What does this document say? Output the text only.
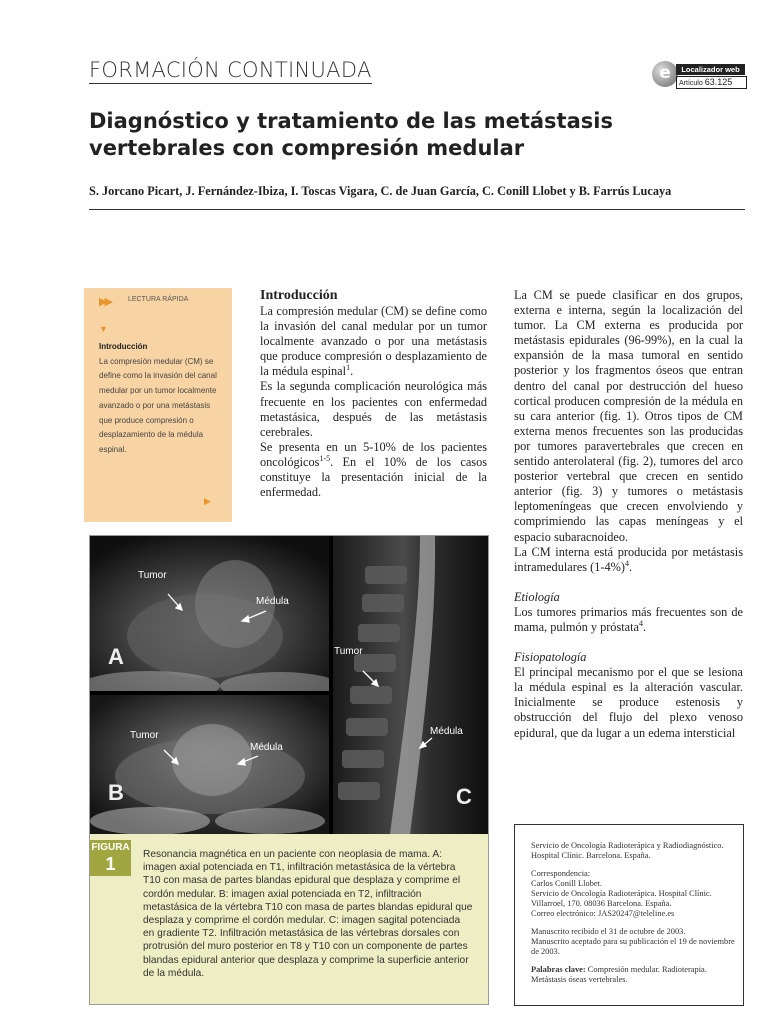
FORMACIÓN CONTINUADA	e	Localizador web
Artículo 63.125
Diagnóstico y tratamiento de las metástasis
vertebrales con compresión medular
S. Jorcano Picart, J. Fernández-Ibiza, I. Toscas Vigara, C. de Juan García, C. Conill Llobet y B. Farrús Lucaya
▶▶	LECTURA RÁPIDA
▼
Introducción
La compresión medular (CM) se define como la invasión del canal medular por un tumor localmente avanzado o por una metástasis que produce compresión o desplazamiento de la médula espinal.
▶

Introducción

La compresión medular (CM) se define como la invasión del canal medular por un tumor localmente avanzado o por una metástasis que produce compresión o desplazamiento de la médula espinal$^1$.

Es la segunda complicación neurológica más frecuente en los pacientes con enfermedad metastásica, después de las metástasis cerebrales.

Se presenta en un 5-10% de los pacientes oncológicos$^{1-5}$. En el 10% de los casos constituye la presentación inicial de la enfermedad.

La CM se puede clasificar en dos grupos, externa e interna, según la localización del tumor. La CM externa es producida por metástasis epidurales (96-99%), en la cual la expansión de la masa tumoral en sentido posterior y los fragmentos óseos que entran dentro del canal por destrucción del hueso cortical producen compresión de la médula en su cara anterior (fig. 1). Otros tipos de CM externa menos frecuentes son las producidas por tumores paravertebrales que crecen en sentido anterolateral (fig. 2), tumores del arco posterior vertebral que crecen en sentido anterior (fig. 3) y tumores o metástasis leptomeníngeas que crecen envolviendo y comprimiendo las capas meníngeas y el espacio subaracnoideo.

La CM interna está producida por metástasis intramedulares $(1-4\%)^4$.

Etiología

Los tumores primarios más frecuentes son de mama, pulmón y próstata$^4$.

Fisiopatología

El principal mecanismo por el que se lesiona la médula espinal es la alteración vascular. Inicialmente se produce estenosis y obstrucción del flujo del plexo venoso epidural, que da lugar a un edema intersticial

Tumor
Médula
Tumor
Médula
Tumor
Médula
A
B	C
FIGURA
1	Resonancia magnética en un paciente con neoplasia de mama. A: imagen axial potenciada en T1, infiltración metastásica de la vértebra T10 con masa de partes blandas epidural que desplaza y comprime el cordón medular. B: imagen axial potenciada en T2, infiltración metastásica de la vértebra T10 con masa de partes blandas epidural que desplaza y comprime el cordón medular. C: imagen sagital potenciada en gradiente T2. Infiltración metastásica de las vértebras dorsales con protrusión del muro posterior en T8 y T10 con un componente de partes blandas epidural anterior que desplaza y comprime la superficie anterior de la médula.

Servicio de Oncología Radioterápica y Radiodiagnóstico. Hospital Clínic. Barcelona. España.

Correspondencia:
Carlos Conill Llobet.
Servicio de Oncología Radioterápica. Hospital Clínic. Villarroel, 170. 08036 Barcelona. España.
Correo electrónico: JAS20247@teleline.es

Manuscrito recibido el 31 de octubre de 2003.
Manuscrito aceptado para su publicación el 19 de noviembre de 2003.

Palabras clave: Compresión medular. Radioterapia. Metástasis óseas vertebrales.
